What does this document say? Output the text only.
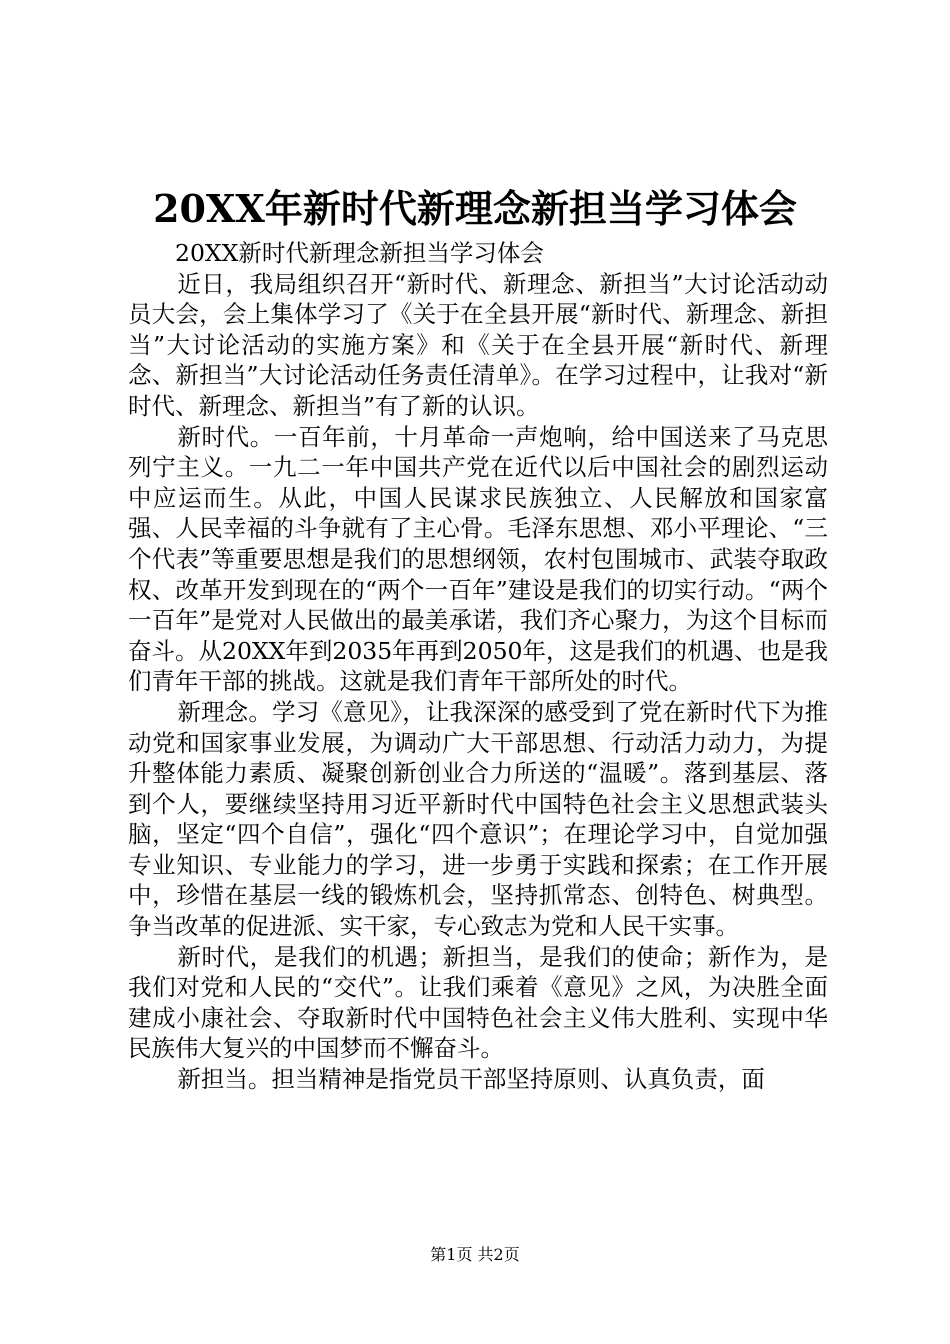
20XX年新时代新理念新担当学习体会

20XX新时代新理念新担当学习体会

近日，我局组织召开“新时代、新理念、新担当”大讨论活动动员大会，会上集体学习了《关于在全县开展“新时代、新理念、新担当”大讨论活动的实施方案》和《关于在全县开展“新时代、新理念、新担当”大讨论活动任务责任清单》。在学习过程中，让我对“新时代、新理念、新担当”有了新的认识。

新时代。一百年前，十月革命一声炮响，给中国送来了马克思列宁主义。一九二一年中国共产党在近代以后中国社会的剧烈运动中应运而生。从此，中国人民谋求民族独立、人民解放和国家富强、人民幸福的斗争就有了主心骨。毛泽东思想、邓小平理论、“三个代表”等重要思想是我们的思想纲领，农村包围城市、武装夺取政权、改革开发到现在的“两个一百年”建设是我们的切实行动。“两个一百年”是党对人民做出的最美承诺，我们齐心聚力，为这个目标而奋斗。从20XX年到2035年再到2050年，这是我们的机遇、也是我们青年干部的挑战。这就是我们青年干部所处的时代。

新理念。学习《意见》，让我深深的感受到了党在新时代下为推动党和国家事业发展，为调动广大干部思想、行动活力动力，为提升整体能力素质、凝聚创新创业合力所送的“温暖”。落到基层、落到个人，要继续坚持用习近平新时代中国特色社会主义思想武装头脑，坚定“四个自信”，强化“四个意识”；在理论学习中，自觉加强专业知识、专业能力的学习，进一步勇于实践和探索；在工作开展中，珍惜在基层一线的锻炼机会，坚持抓常态、创特色、树典型。争当改革的促进派、实干家，专心致志为党和人民干实事。

新时代，是我们的机遇；新担当，是我们的使命；新作为，是我们对党和人民的“交代”。让我们乘着《意见》之风，为决胜全面建成小康社会、夺取新时代中国特色社会主义伟大胜利、实现中华民族伟大复兴的中国梦而不懈奋斗。

新担当。担当精神是指党员干部坚持原则、认真负责，面

第1页 共2页
